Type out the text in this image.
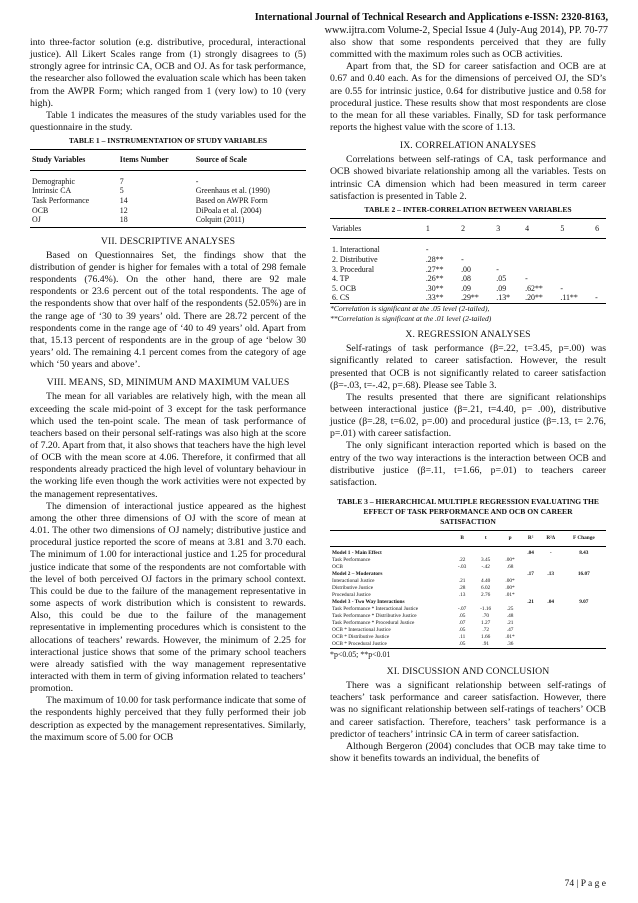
International Journal of Technical Research and Applications e-ISSN: 2320-8163,
www.ijtra.com Volume-2, Special Issue 4 (July-Aug 2014), PP. 70-77

into three-factor solution (e.g. distributive, procedural, interactional justice). All Likert Scales range from (1) strongly disagrees to (5) strongly agree for intrinsic CA, OCB and OJ. As for task performance, the researcher also followed the evaluation scale which has been taken from the AWPR Form; which ranged from 1 (very low) to 10 (very high).

Table 1 indicates the measures of the study variables used for the questionnaire in the study.

TABLE 1 – INSTRUMENTATION OF STUDY VARIABLES
Study Variables	Items Number	Source of Scale
Demographic	7	-
Intrinsic CA	5	Greenhaus et al. (1990)
Task Performance	14	Based on AWPR Form
OCB	12	DiPoala et al. (2004)
OJ	18	Colquitt (2011)
VII. DESCRIPTIVE ANALYSES

Based on Questionnaires Set, the findings show that the distribution of gender is higher for females with a total of 298 female respondents (76.4%). On the other hand, there are 92 male respondents or 23.6 percent out of the total respondents. The age of the respondents show that over half of the respondents (52.05%) are in the range age of ‘30 to 39 years’ old. There are 28.72 percent of the respondents come in the range age of ‘40 to 49 years’ old. Apart from that, 15.13 percent of respondents are in the group of age ‘below 30 years’ old. The remaining 4.1 percent comes from the category of age which ‘50 years and above’.

VIII. MEANS, SD, MINIMUM AND MAXIMUM VALUES

The mean for all variables are relatively high, with the mean all exceeding the scale mid-point of 3 except for the task performance which used the ten-point scale. The mean of task performance of teachers based on their personal self-ratings was also high at the score of 7.20. Apart from that, it also shows that teachers have the high level of OCB with the mean score at 4.06. Therefore, it confirmed that all respondents already practiced the high level of voluntary behaviour in the working life even though the work activities were not expected by the management representatives.

The dimension of interactional justice appeared as the highest among the other three dimensions of OJ with the score of mean at 4.01. The other two dimensions of OJ namely; distributive justice and procedural justice reported the score of means at 3.81 and 3.70 each. The minimum of 1.00 for interactional justice and 1.25 for procedural justice indicate that some of the respondents are not comfortable with the level of both perceived OJ factors in the primary school context. This could be due to the failure of the management representative in some aspects of work distribution which is consistent to rewards. Also, this could be due to the failure of the management representative in implementing procedures which is consistent to the allocations of teachers’ rewards. However, the minimum of 2.25 for interactional justice shows that some of the primary school teachers were already satisfied with the way management representative interacted with them in term of giving information related to teachers’ promotion.

The maximum of 10.00 for task performance indicate that some of the respondents highly perceived that they fully performed their job description as expected by the management representatives. Similarly, the maximum score of 5.00 for OCB

also show that some respondents perceived that they are fully committed with the maximum roles such as OCB activities.

Apart from that, the SD for career satisfaction and OCB are at 0.67 and 0.40 each. As for the dimensions of perceived OJ, the SD’s are 0.55 for intrinsic justice, 0.64 for distributive justice and 0.58 for procedural justice. These results show that most respondents are close to the mean for all these variables. Finally, SD for task performance reports the highest value with the score of 1.13.

IX. CORRELATION ANALYSES

Correlations between self-ratings of CA, task performance and OCB showed bivariate relationship among all the variables. Tests on intrinsic CA dimension which had been measured in term career satisfaction is presented in Table 2.

TABLE 2 – INTER-CORRELATION BETWEEN VARIABLES
Variables	1	2	3	4	5	6
1. Interactional	-					
2. Distributive	.28**	-				
3. Procedural	.27**	.00	-			
4. TP	.26**	.08	.05	-		
5. OCB	.30**	.09	.09	.62**	-	
6. CS	.33**	.29**	.13*	.20**	.11**	-
*Correlation is significant at the .05 level (2-tailed),
**Correlation is significant at the .01 level (2-tailed)
X. REGRESSION ANALYSES

Self-ratings of task performance (β=.22, t=3.45, p=.00) was significantly related to career satisfaction. However, the result presented that OCB is not significantly related to career satisfaction (β=-.03, t=-.42, p=.68). Please see Table 3.

The results presented that there are significant relationships between interactional justice (β=.21, t=4.40, p= .00), distributive justice (β=.28, t=6.02, p=.00) and procedural justice (β=.13, t= 2.76, p=.01) with career satisfaction.

The only significant interaction reported which is based on the entry of the two way interactions is the interaction between OCB and distributive justice (β=.11, t=1.66, p=.01) to teachers career satisfaction.

TABLE 3 – HIERARCHICAL MULTIPLE REGRESSION EVALUATING THE
EFFECT OF TASK PERFORMANCE AND OCB ON CAREER
SATISFACTION
	B	t	p	R²	R²Δ	F Change
Model 1 - Main Effect				.04	-	8.43
Task Performance	.22	3.45	.00*			
OCB	-.03	-.42	.68			
Model 2 – Moderators				.17	.13	16.07
Interactional Justice	.21	4.40	.00*			
Distributive Justice	.28	6.02	.00*			
Procedural Justice	.13	2.76	.01*			
Model 3 - Two Way Interactions				.21	.04	9.07
Task Performance * Interactional Justice	-.07	-1.16	.25			
Task Performance * Distributive Justice	.05	.70	.48			
Task Performance * Procedural Justice	.07	1.27	.21			
OCB * Interactional Justice	.05	.72	.47			
OCB * Distributive Justice	.11	1.66	.01*			
OCB * Procedural Justice	.05	.91	.36			
*p<0.05; **p<0.01
XI. DISCUSSION AND CONCLUSION

There was a significant relationship between self-ratings of teachers’ task performance and career satisfaction. However, there was no significant relationship between self-ratings of teachers’ OCB and career satisfaction. Therefore, teachers’ task performance is a predictor of teachers’ intrinsic CA in term of career satisfaction.

Although Bergeron (2004) concludes that OCB may take time to show it benefits towards an individual, the benefits of

74 | P a g e
